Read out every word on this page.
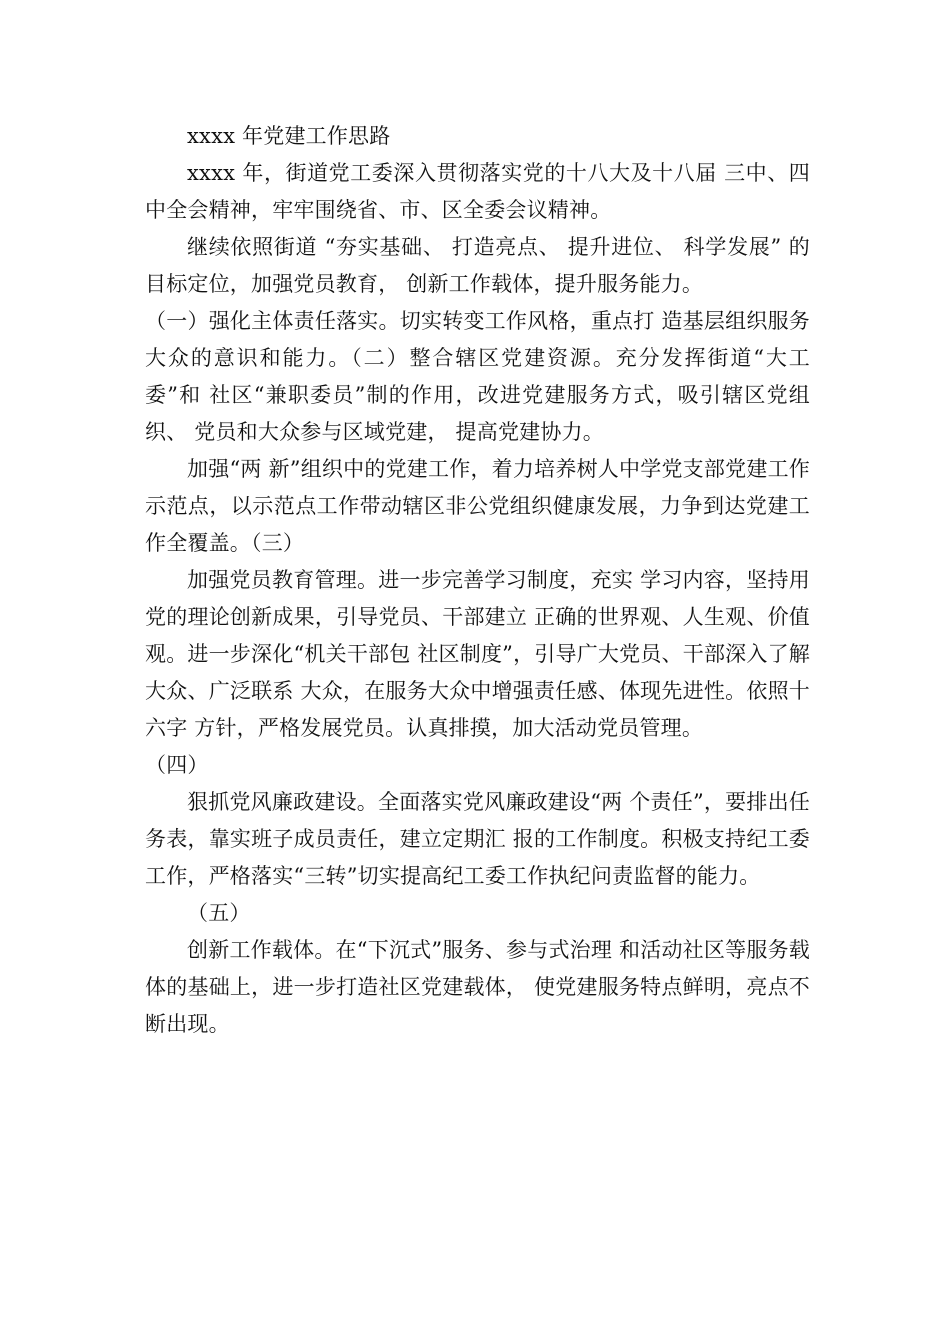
xxxx 年党建工作思路

xxxx 年，街道党工委深入贯彻落实党的十八大及十八届 三中、四中全会精神，牢牢围绕省、市、区全委会议精神。

继续依照街道 “夯实基础、 打造亮点、 提升进位、 科学发展” 的目标定位，加强党员教育， 创新工作载体，提升服务能力。

（一）强化主体责任落实。切实转变工作风格，重点打 造基层组织服务大众的意识和能力。（二）整合辖区党建资源。充分发挥街道“大工委”和 社区“兼职委员”制的作用，改进党建服务方式，吸引辖区党组织、 党员和大众参与区域党建， 提高党建协力。

加强“两 新”组织中的党建工作，着力培养树人中学党支部党建工作 示范点，以示范点工作带动辖区非公党组织健康发展，力争到达党建工作全覆盖。（三）

加强党员教育管理。进一步完善学习制度，充实 学习内容，坚持用党的理论创新成果，引导党员、干部建立 正确的世界观、人生观、价值观。进一步深化“机关干部包 社区制度”，引导广大党员、干部深入了解大众、广泛联系 大众，在服务大众中增强责任感、体现先进性。依照十六字 方针，严格发展党员。认真排摸，加大活动党员管理。

（四）

狠抓党风廉政建设。全面落实党风廉政建设“两 个责任”，要排出任务表，靠实班子成员责任，建立定期汇 报的工作制度。积极支持纪工委工作，严格落实“三转”切实提高纪工委工作执纪问责监督的能力。

（五）

创新工作载体。在“下沉式”服务、参与式治理 和活动社区等服务载体的基础上，进一步打造社区党建载体， 使党建服务特点鲜明，亮点不断出现。
